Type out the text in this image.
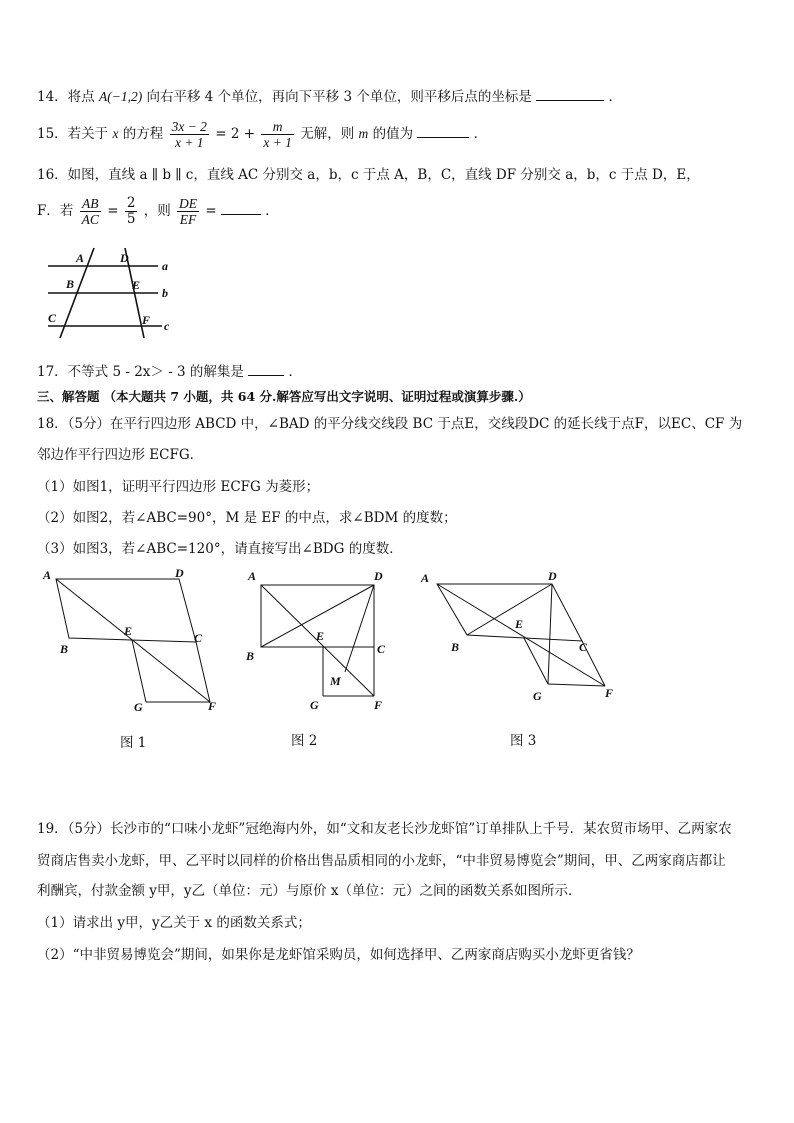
14．将点 A(−1,2) 向右平移 4 个单位，再向下平移 3 个单位，则平移后点的坐标是	．
15．若关于 x 的方程 $\frac{3x - 2}{x + 1} = 2 + \frac{m}{x + 1}$ 无解，则 m 的值为	．
16．如图，直线 a ∥ b ∥ c，直线 AC 分别交 a，b，c 于点 A，B，C，直线 DF 分别交 a，b，c 于点 D，E，
F．若 $\frac{AB}{AC} = \frac{2}{5}$ ，则 $\frac{DE}{EF}$ =	．
A	D
a
B	E
b
C	F c
17．不等式 5 - 2x＞ - 3 的解集是	．
三、解答题 （本大题共 7 小题，共 64 分.解答应写出文字说明、证明过程或演算步骤.）
18．（5分）在平行四边形 ABCD 中，∠BAD 的平分线交线段 BC 于点E，交线段DC 的延长线于点F，以EC、CF 为
邻边作平行四边形 ECFG．
（1）如图1，证明平行四边形 ECFG 为菱形；
（2）如图2，若∠ABC=90°，M 是 EF 的中点，求∠BDM 的度数；
（3）如图3，若∠ABC=120°，请直接写出∠BDG 的度数．
A	D
B
E	C
G	F
A	D
E
C
B
M
G	F
A	D
E
C
B
G	F
图 1	图 2	图 3
19．（5分）长沙市的“口味小龙虾”冠绝海内外，如“文和友老长沙龙虾馆”订单排队上千号．某农贸市场甲、乙两家农
贸商店售卖小龙虾，甲、乙平时以同样的价格出售品质相同的小龙虾，“中非贸易博览会”期间，甲、乙两家商店都让
利酬宾，付款金额 y甲，y乙（单位：元）与原价 x（单位：元）之间的函数关系如图所示．
（1）请求出 y甲，y乙关于 x 的函数关系式；
（2）“中非贸易博览会”期间，如果你是龙虾馆采购员，如何选择甲、乙两家商店购买小龙虾更省钱？
